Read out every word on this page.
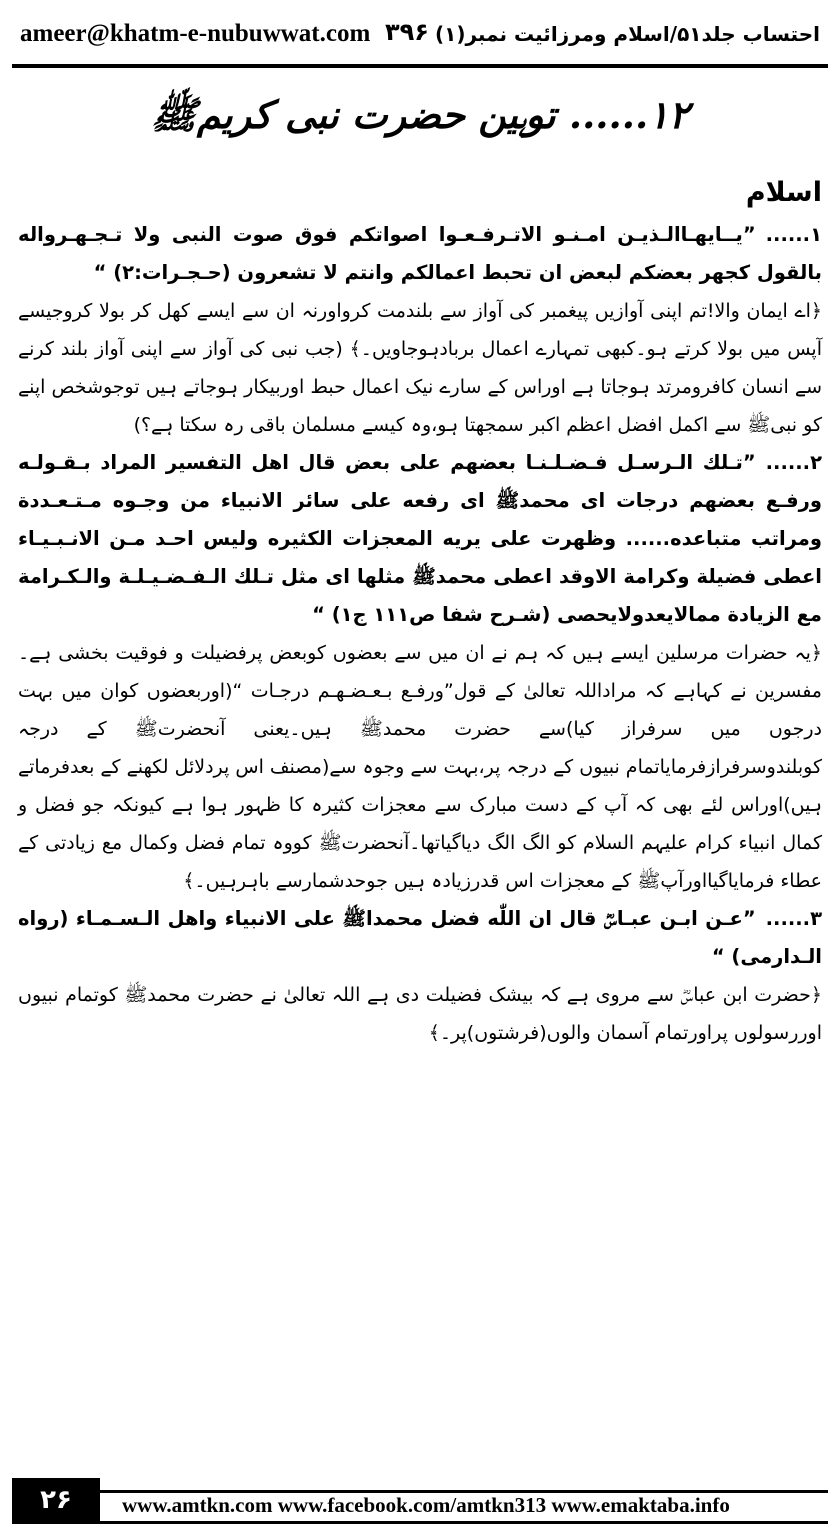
ameer@khatm-e-nubuwwat.com ۳۹۶ احتساب جلد۵۱/اسلام ومرزائیت نمبر(۱)
۱۲...... توہین حضرت نبی کریمﷺ
اسلام

۱......”یــایهـاالـذیـن امـنـو الاتـرفـعـوا اصواتکم فوق صوت النبی ولا تـجـهـرواله بالقول کجهر بعضکم لبعض ان تحبط اعمالکم وانتم لا تشعرون (حـجـرات:۲) “

﴿اے ایمان والا!تم اپنی آوازیں پیغمبر کی آواز سے بلندمت کرواورنہ ان سے ایسے کھل کر بولا کروجیسے آپس میں بولا کرتے ہو۔کبھی تمہارے اعمال بربادہوجاویں۔﴾ (جب نبی کی آواز سے اپنی آواز بلند کرنے سے انسان کافرومرتد ہوجاتا ہے اوراس کے سارے نیک اعمال حبط اوربیکار ہوجاتے ہیں توجوشخص اپنے کو نبیﷺ سے اکمل افضل اعظم اکبر سمجھتا ہو،وہ کیسے مسلمان باقی رہ سکتا ہے؟)

۲......”تـلك الـرسـل فـضـلـنـا بعضهم علی بعض قال اهل التفسیر المراد بـقـولـه ورفـع بعضهم درجات ای محمدﷺ ای رفعه علی سائر الانبیاء من وجـوه مـتـعـددة ومراتب متباعده...... وظهرت علی یریه المعجزات الکثیره ولیس احـد مـن الانـبـیـاء اعطی فضیلة وکرامة الاوقد اعطی محمدﷺ مثلها ای مثل تـلك الـفـضـیـلـة والـکـرامة مع الزیادة ممالایعدولایحصی (شـرح شفا ص۱۱۱ ج۱) “

﴿یہ حضرات مرسلین ایسے ہیں کہ ہم نے ان میں سے بعضوں کوبعض پرفضیلت و فوقیت بخشی ہے۔مفسرین نے کہاہے کہ مراداللہ تعالیٰ کے قول”ورفـع بـعـضـهـم درجـات “(اوربعضوں کوان میں بہت درجوں میں سرفراز کیا)سے حضرت محمدﷺ ہیں۔یعنی آنحضرتﷺ کے درجہ کوبلندوسرفرازفرمایاتمام نبیوں کے درجہ پر،بہت سے وجوہ سے(مصنف اس پردلائل لکھنے کے بعدفرماتے ہیں)اوراس لئے بھی کہ آپ کے دست مبارک سے معجزات کثیرہ کا ظہور ہوا ہے کیونکہ جو فضل و کمال انبیاء کرام علیہم السلام کو الگ الگ دیاگیاتھا۔آنحضرتﷺ کووہ تمام فضل وکمال مع زیادتی کے عطاء فرمایاگیااورآپﷺ کے معجزات اس قدرزیادہ ہیں جوحدشمارسے باہرہیں۔﴾

۳......”عـن ابـن عبـاسؓ قال ان اللّٰه فضل محمداﷺ علی الانبیاء واهل الـسـمـاء (رواه الـدارمی) “

﴿حضرت ابن عباسؓ سے مروی ہے کہ بیشک فضیلت دی ہے اللہ تعالیٰ نے حضرت محمدﷺ کوتمام نبیوں اوررسولوں پراورتمام آسمان والوں(فرشتوں)پر۔﴾

۲۶	www.amtkn.com www.facebook.com/amtkn313 www.emaktaba.info
